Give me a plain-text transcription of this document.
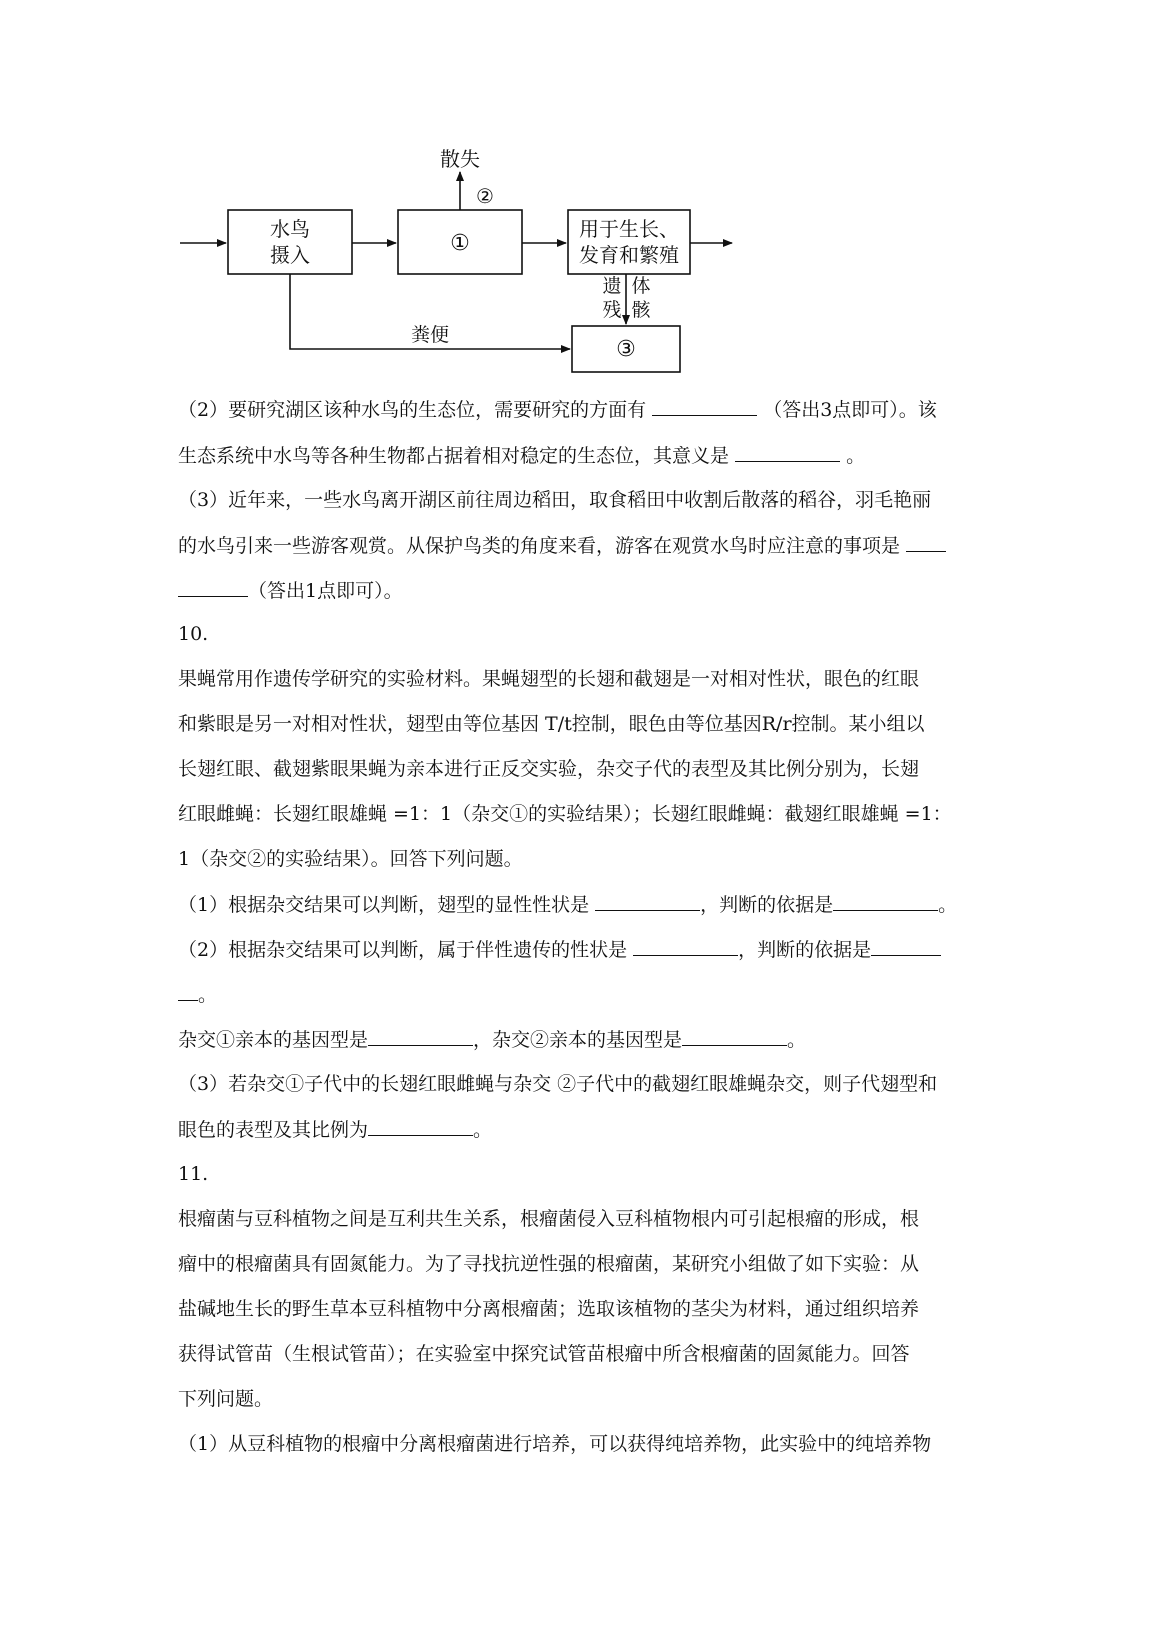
水鸟
摄入	①
用于生长、
发育和繁殖
③
散失
②
遗
残
体
骸
粪便
（2）要研究湖区该种水鸟的生态位，需要研究的方面有	（答出3点即可）。该
生态系统中水鸟等各种生物都占据着相对稳定的生态位，其意义是	。
（3）近年来，一些水鸟离开湖区前往周边稻田，取食稻田中收割后散落的稻谷，羽毛艳丽
的水鸟引来一些游客观赏。从保护鸟类的角度来看，游客在观赏水鸟时应注意的事项是
（答出1点即可）。
10.
果蝇常用作遗传学研究的实验材料。果蝇翅型的长翅和截翅是一对相对性状，眼色的红眼
和紫眼是另一对相对性状，翅型由等位基因 T/t控制，眼色由等位基因R/r控制。某小组以
长翅红眼、截翅紫眼果蝇为亲本进行正反交实验，杂交子代的表型及其比例分别为，长翅
红眼雌蝇：长翅红眼雄蝇 =1：1（杂交①的实验结果）；长翅红眼雌蝇：截翅红眼雄蝇 =1：
1（杂交②的实验结果）。回答下列问题。
（1）根据杂交结果可以判断，翅型的显性性状是	，判断的依据是	。
（2）根据杂交结果可以判断，属于伴性遗传的性状是	，判断的依据是
。
杂交①亲本的基因型是	，杂交②亲本的基因型是	。
（3）若杂交①子代中的长翅红眼雌蝇与杂交 ②子代中的截翅红眼雄蝇杂交，则子代翅型和
眼色的表型及其比例为	。
11.
根瘤菌与豆科植物之间是互利共生关系，根瘤菌侵入豆科植物根内可引起根瘤的形成，根
瘤中的根瘤菌具有固氮能力。为了寻找抗逆性强的根瘤菌，某研究小组做了如下实验：从
盐碱地生长的野生草本豆科植物中分离根瘤菌；选取该植物的茎尖为材料，通过组织培养
获得试管苗（生根试管苗）；在实验室中探究试管苗根瘤中所含根瘤菌的固氮能力。回答
下列问题。
（1）从豆科植物的根瘤中分离根瘤菌进行培养，可以获得纯培养物，此实验中的纯培养物
